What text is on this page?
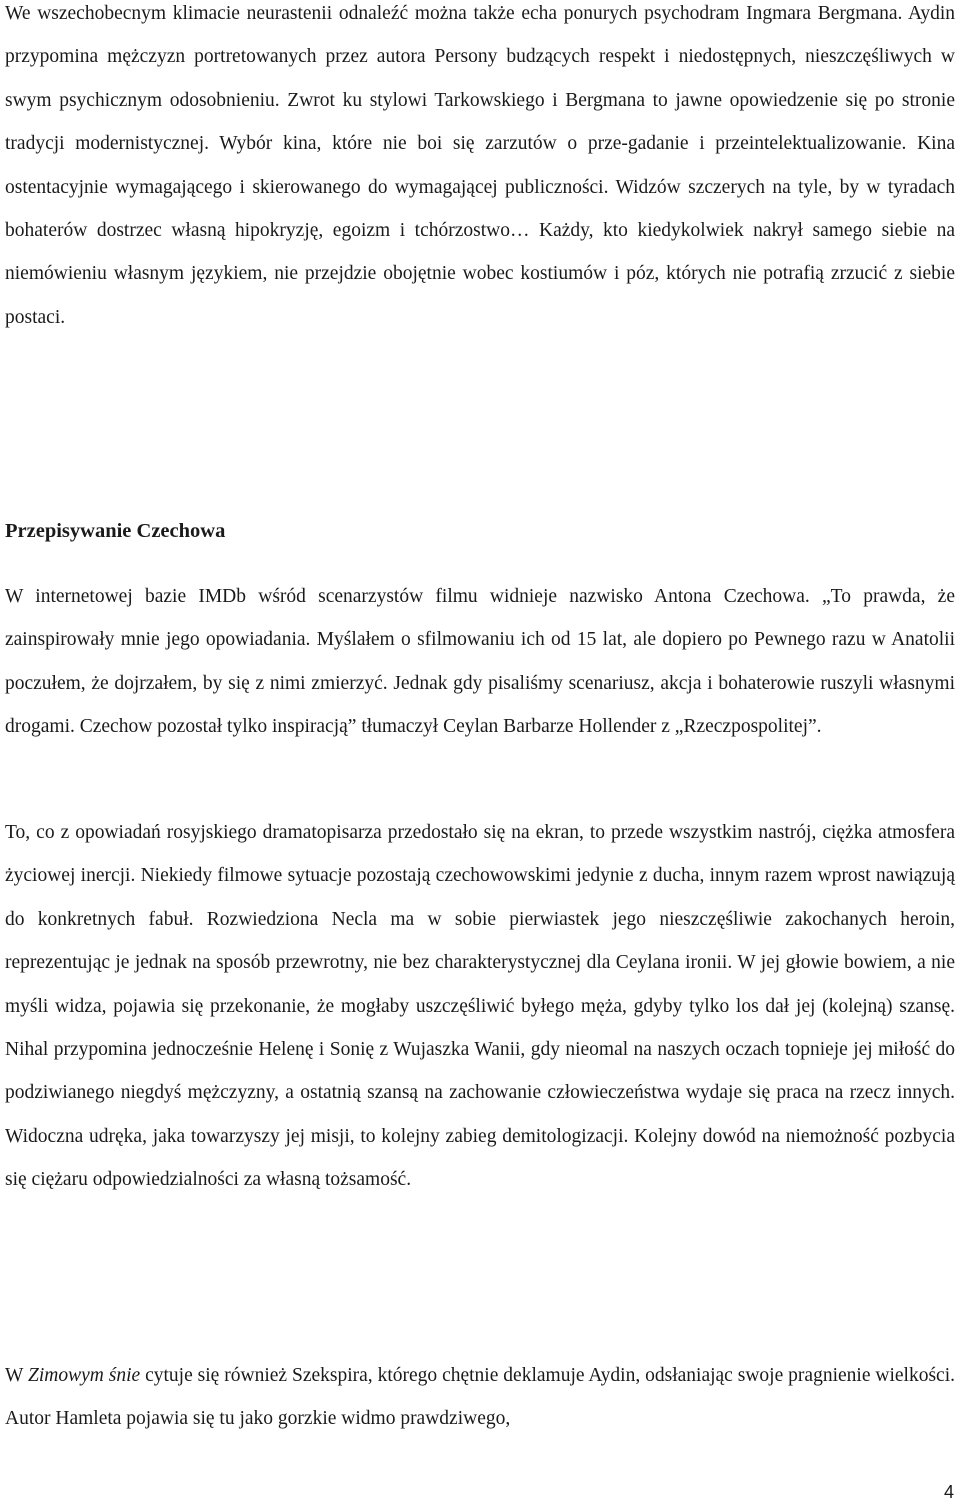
We wszechobecnym klimacie neurastenii odnaleźć można także echa ponurych psychodram Ingmara Bergmana. Aydin przypomina mężczyzn portretowanych przez autora Persony budzących respekt i niedostępnych, nieszczęśliwych w swym psychicznym odosobnieniu. Zwrot ku stylowi Tarkowskiego i Bergmana to jawne opowiedzenie się po stronie tradycji modernistycznej. Wybór kina, które nie boi się zarzutów o prze-gadanie i przeintelektualizowanie. Kina ostentacyjnie wymagającego i skierowanego do wymagającej publiczności. Widzów szczerych na tyle, by w tyradach bohaterów dostrzec własną hipokryzję, egoizm i tchórzostwo… Każdy, kto kiedykolwiek nakrył samego siebie na niemówieniu własnym językiem, nie przejdzie obojętnie wobec kostiumów i póz, których nie potrafią zrzucić z siebie postaci.

Przepisywanie Czechowa

W internetowej bazie IMDb wśród scenarzystów filmu widnieje nazwisko Antona Czechowa. „To prawda, że zainspirowały mnie jego opowiadania. Myślałem o sfilmowaniu ich od 15 lat, ale dopiero po Pewnego razu w Anatolii poczułem, że dojrzałem, by się z nimi zmierzyć. Jednak gdy pisaliśmy scenariusz, akcja i bohaterowie ruszyli własnymi drogami. Czechow pozostał tylko inspiracją” tłumaczył Ceylan Barbarze Hollender z „Rzeczpospolitej”.

To, co z opowiadań rosyjskiego dramatopisarza przedostało się na ekran, to przede wszystkim nastrój, ciężka atmosfera życiowej inercji. Niekiedy filmowe sytuacje pozostają czechowowskimi jedynie z ducha, innym razem wprost nawiązują do konkretnych fabuł. Rozwiedziona Necla ma w sobie pierwiastek jego nieszczęśliwie zakochanych heroin, reprezentując je jednak na sposób przewrotny, nie bez charakterystycznej dla Ceylana ironii. W jej głowie bowiem, a nie myśli widza, pojawia się przekonanie, że mogłaby uszczęśliwić byłego męża, gdyby tylko los dał jej (kolejną) szansę. Nihal przypomina jednocześnie Helenę i Sonię z Wujaszka Wanii, gdy nieomal na naszych oczach topnieje jej miłość do podziwianego niegdyś mężczyzny, a ostatnią szansą na zachowanie człowieczeństwa wydaje się praca na rzecz innych. Widoczna udręka, jaka towarzyszy jej misji, to kolejny zabieg demitologizacji. Kolejny dowód na niemożność pozbycia się ciężaru odpowiedzialności za własną tożsamość.

W Zimowym śnie cytuje się również Szekspira, którego chętnie deklamuje Aydin, odsłaniając swoje pragnienie wielkości. Autor Hamleta pojawia się tu jako gorzkie widmo prawdziwego,

4
